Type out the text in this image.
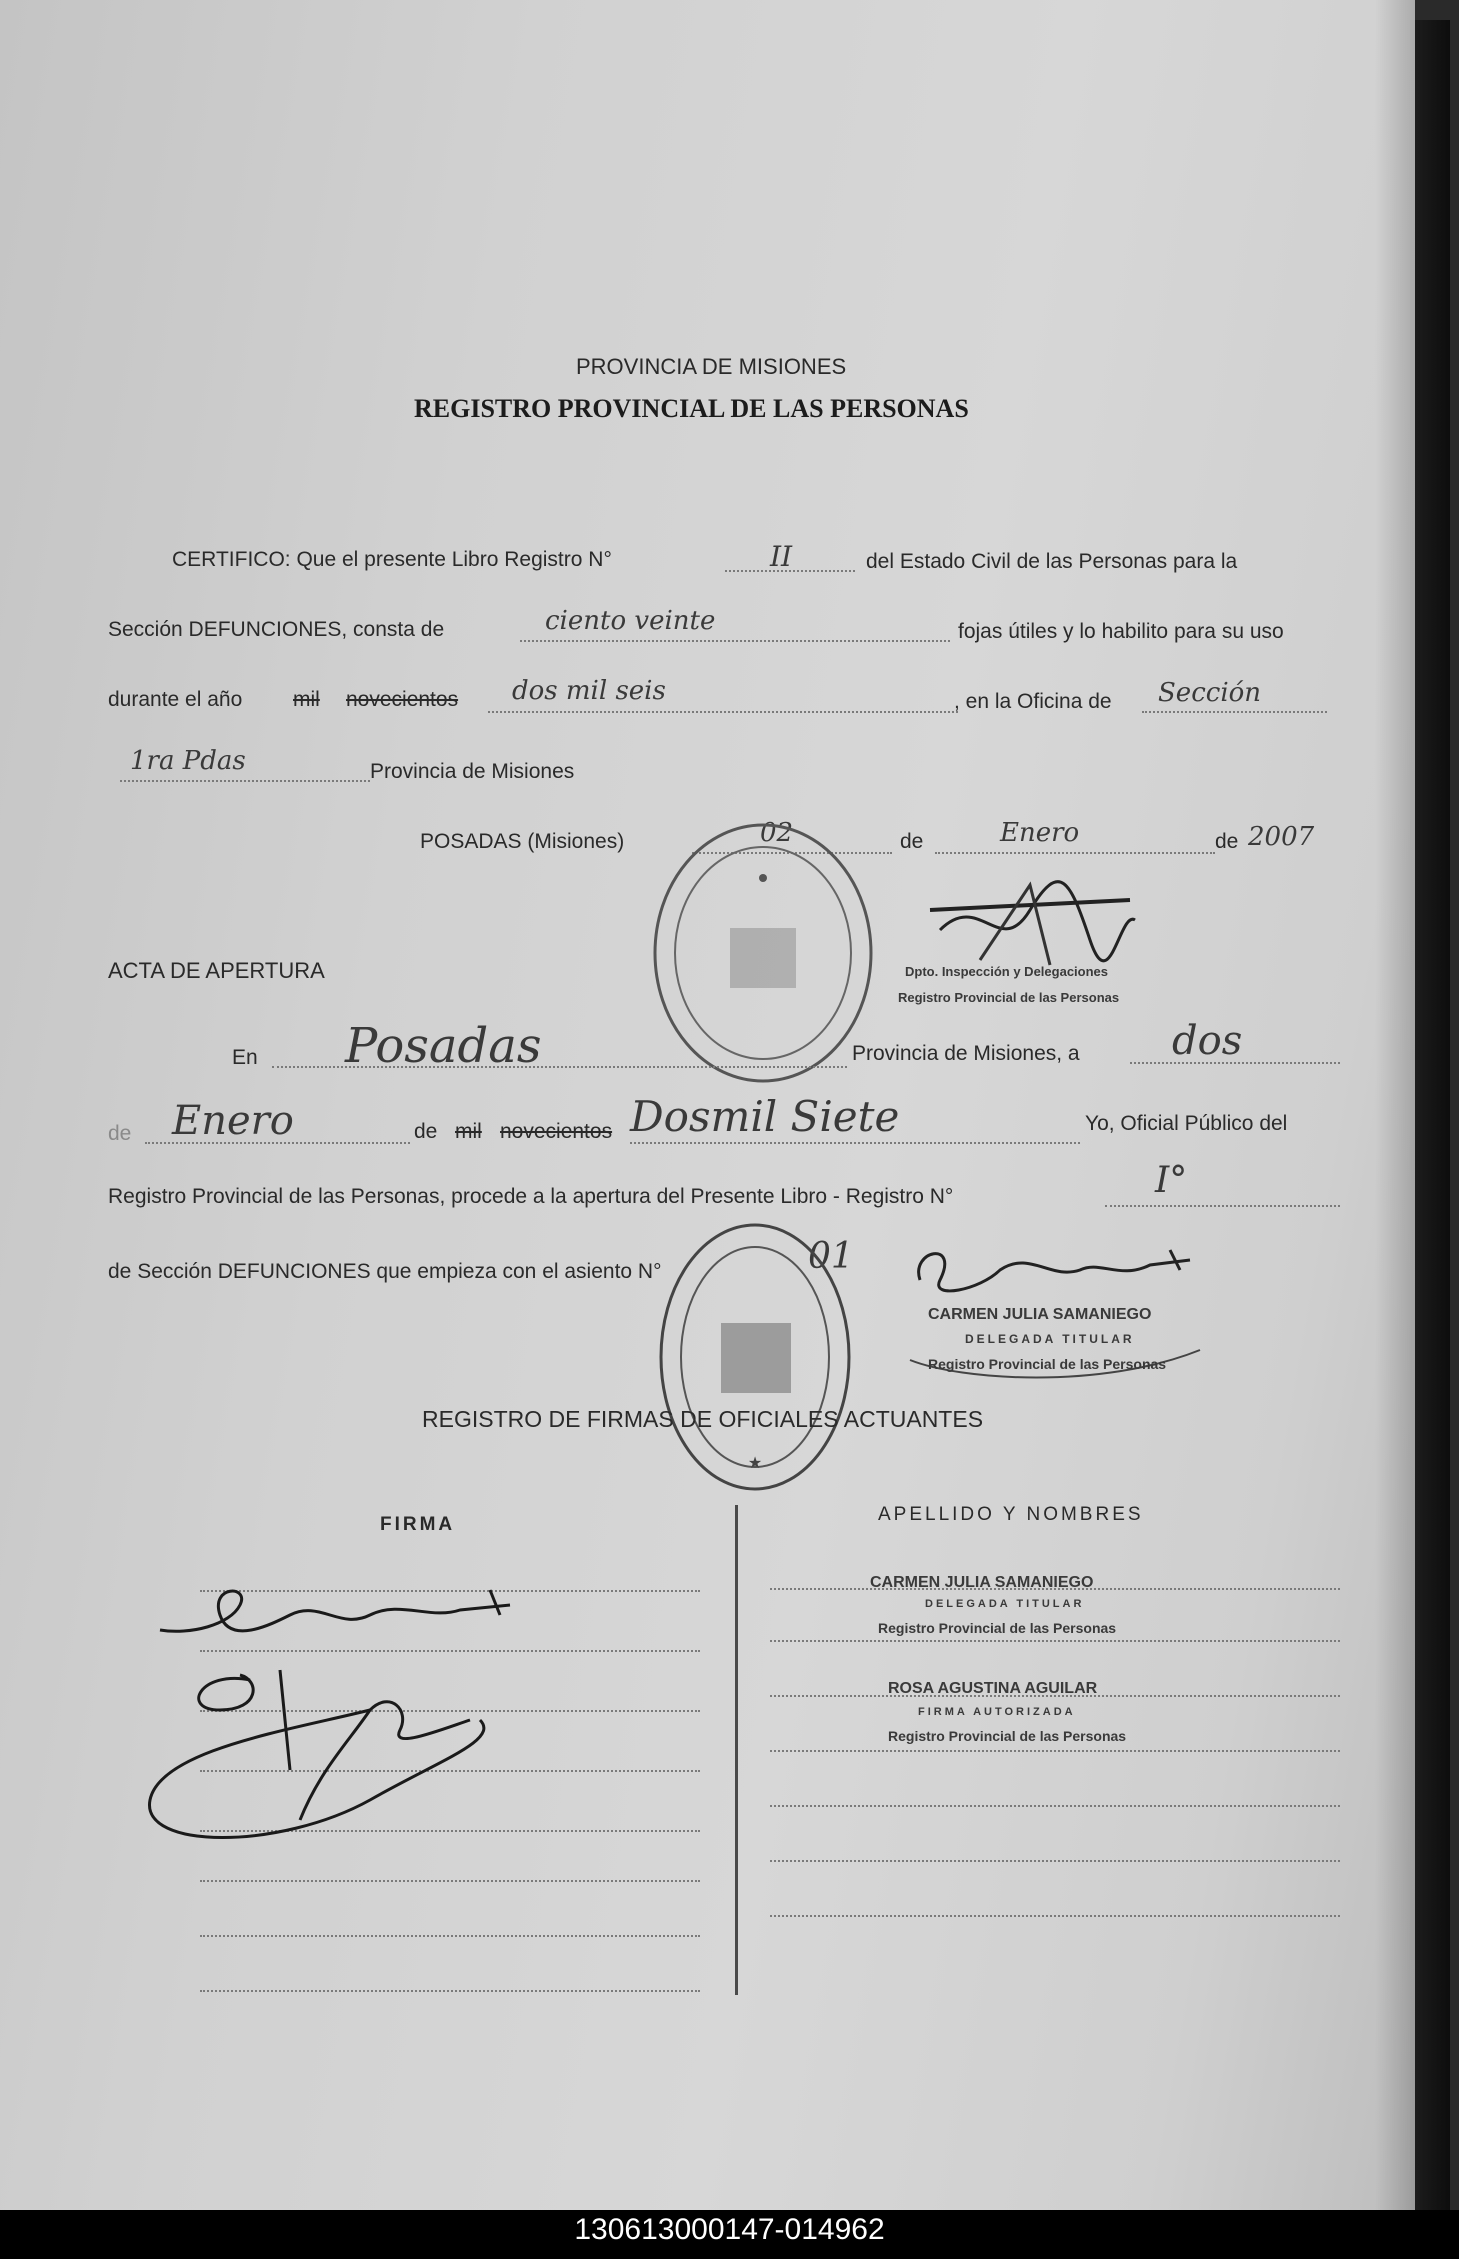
PROVINCIA DE MISIONES
REGISTRO PROVINCIAL DE LAS PERSONAS
CERTIFICO: Que el presente Libro Registro N°	II	del Estado Civil de las Personas para la
Sección DEFUNCIONES, consta de	ciento veinte	fojas útiles y lo habilito para su uso
durante el año mil novecientos dos mil seis	, en la Oficina de Sección
1ra Pdas	Provincia de Misiones
POSADAS (Misiones)	02	de	Enero	de 2007
Dpto. Inspección y Delegaciones
Registro Provincial de las Personas
ACTA DE APERTURA
En Posadas	Provincia de Misiones, a dos
de Enero	de mil novecientos Dosmil Siete	Yo, Oficial Público del
Registro Provincial de las Personas, procede a la apertura del Presente Libro - Registro N°	I°
de Sección DEFUNCIONES que empieza con el asiento N°	01
★
CARMEN JULIA SAMANIEGO
DELEGADA TITULAR
Registro Provincial de las Personas
REGISTRO DE FIRMAS DE OFICIALES ACTUANTES
FIRMA	APELLIDO Y NOMBRES
CARMEN JULIA SAMANIEGO
DELEGADA TITULAR
Registro Provincial de las Personas
ROSA AGUSTINA AGUILAR
FIRMA AUTORIZADA
Registro Provincial de las Personas
130613000147-014962
